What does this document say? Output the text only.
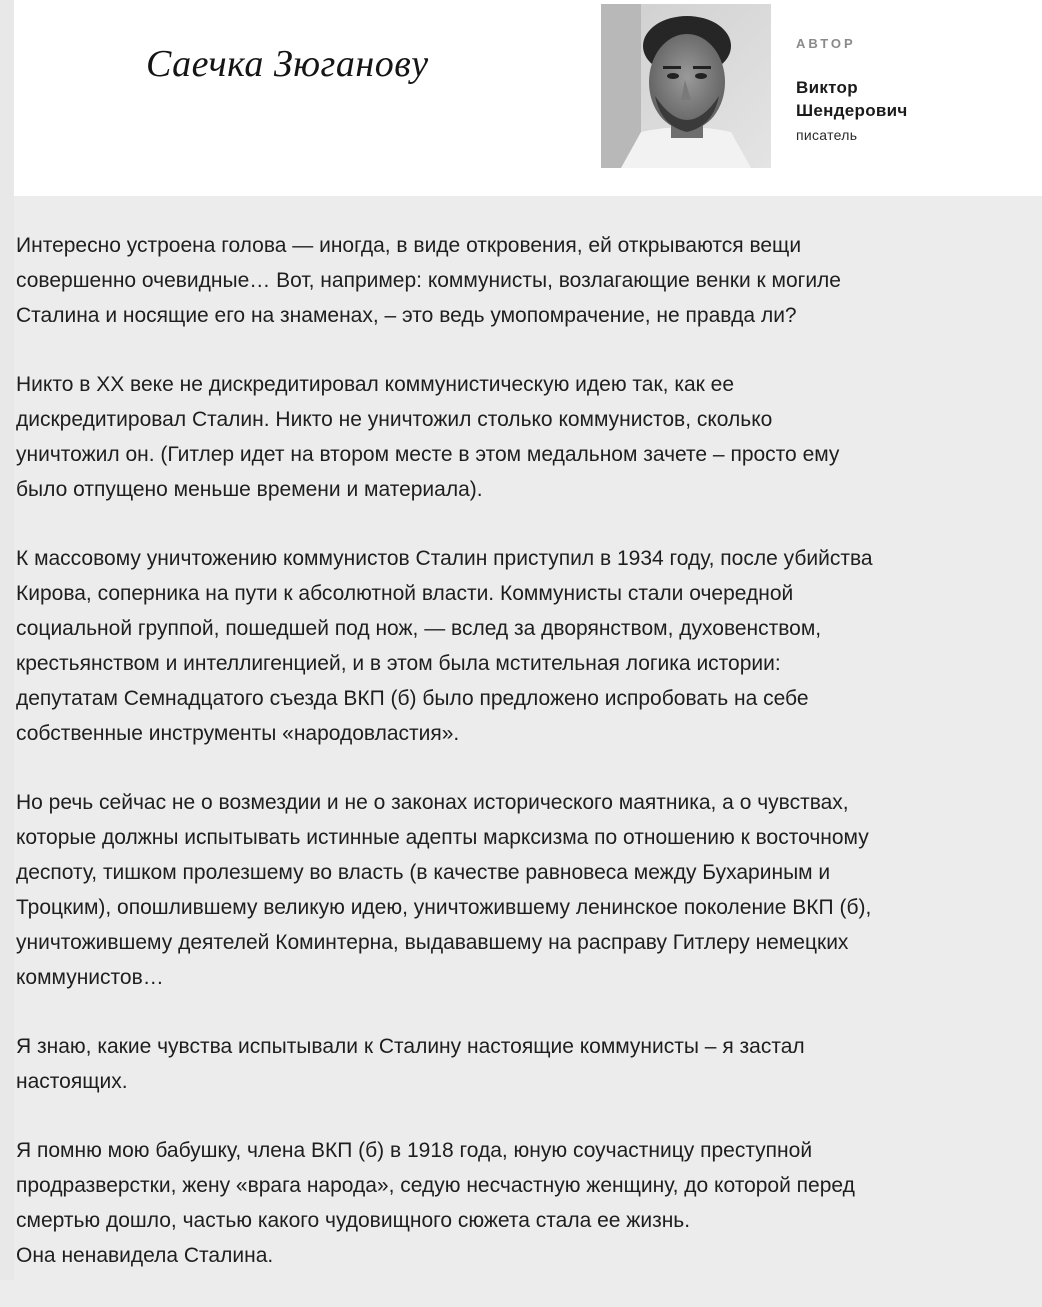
Саечка Зюганову	АВТОР
Виктор
Шендерович
писатель

Интересно устроена голова — иногда, в виде откровения, ей открываются вещи
совершенно очевидные… Вот, например: коммунисты, возлагающие венки к могиле
Сталина и носящие его на знаменах, – это ведь умопомрачение, не правда ли?

Никто в XX веке не дискредитировал коммунистическую идею так, как ее
дискредитировал Сталин. Никто не уничтожил столько коммунистов, сколько
уничтожил он. (Гитлер идет на втором месте в этом медальном зачете – просто ему
было отпущено меньше времени и материала).

К массовому уничтожению коммунистов Сталин приступил в 1934 году, после убийства
Кирова, соперника на пути к абсолютной власти. Коммунисты стали очередной
социальной группой, пошедшей под нож, — вслед за дворянством, духовенством,
крестьянством и интеллигенцией, и в этом была мстительная логика истории:
депутатам Семнадцатого съезда ВКП (б) было предложено испробовать на себе
собственные инструменты «народовластия».

Но речь сейчас не о возмездии и не о законах исторического маятника, а о чувствах,
которые должны испытывать истинные адепты марксизма по отношению к восточному
деспоту, тишком пролезшему во власть (в качестве равновеса между Бухариным и
Троцким), опошлившему великую идею, уничтожившему ленинское поколение ВКП (б),
уничтожившему деятелей Коминтерна, выдававшему на расправу Гитлеру немецких
коммунистов…

Я знаю, какие чувства испытывали к Сталину настоящие коммунисты – я застал
настоящих.

Я помню мою бабушку, члена ВКП (б) в 1918 года, юную соучастницу преступной
продразверстки, жену «врага народа», седую несчастную женщину, до которой перед
смертью дошло, частью какого чудовищного сюжета стала ее жизнь.
Она ненавидела Сталина.
